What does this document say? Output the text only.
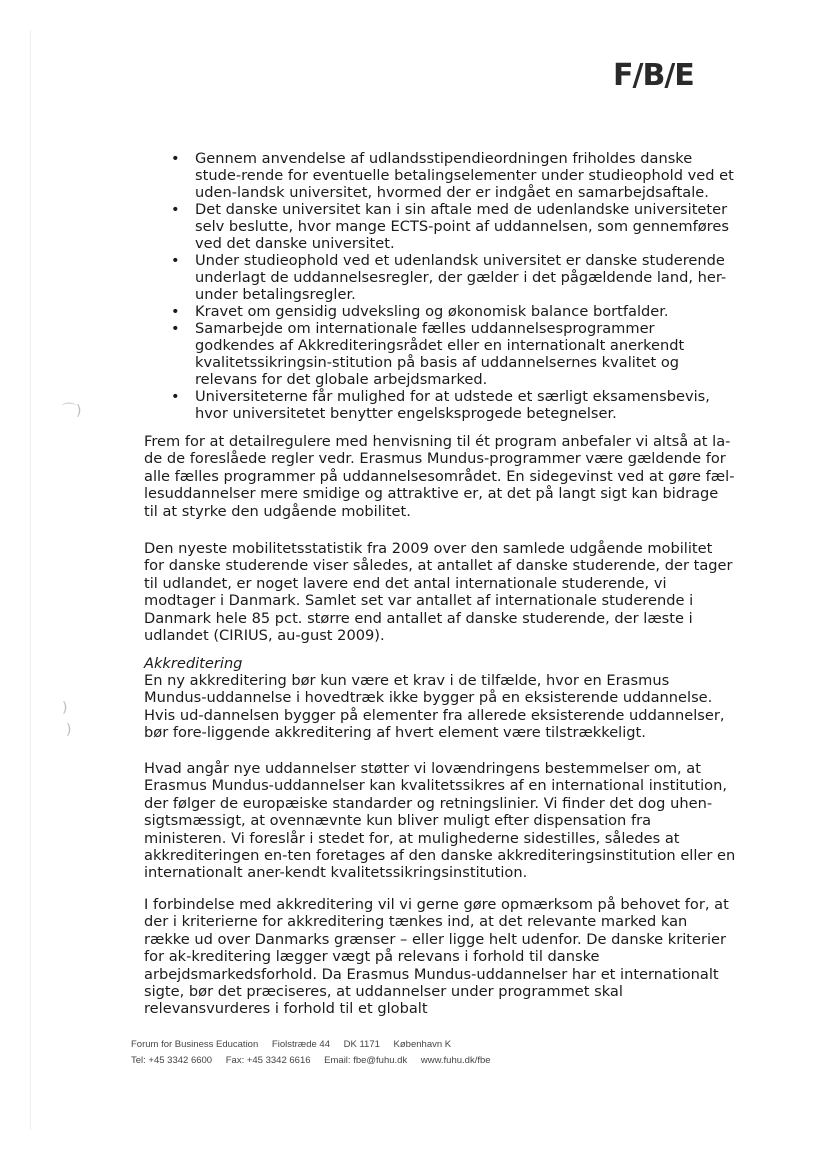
⌒)
)
)
F/B/E
• Gennem anvendelse af udlandsstipendieordningen friholdes danske stude-rende for eventuelle betalingselementer under studieophold ved et uden-landsk universitet, hvormed der er indgået en samarbejdsaftale.
• Det danske universitet kan i sin aftale med de udenlandske universiteter selv beslutte, hvor mange ECTS-point af uddannelsen, som gennemføres ved det danske universitet.
• Under studieophold ved et udenlandsk universitet er danske studerende underlagt de uddannelsesregler, der gælder i det pågældende land, her-under betalingsregler.
• Kravet om gensidig udveksling og økonomisk balance bortfalder.
• Samarbejde om internationale fælles uddannelsesprogrammer godkendes af Akkrediteringsrådet eller en internationalt anerkendt kvalitetssikringsin-stitution på basis af uddannelsernes kvalitet og relevans for det globale arbejdsmarked.
• Universiteterne får mulighed for at udstede et særligt eksamensbevis, hvor universitetet benytter engelsksprogede betegnelser.

Frem for at detailregulere med henvisning til ét program anbefaler vi altså at la-de de foreslåede regler vedr. Erasmus Mundus-programmer være gældende for alle fælles programmer på uddannelsesområdet. En sidegevinst ved at gøre fæl-lesuddannelser mere smidige og attraktive er, at det på langt sigt kan bidrage til at styrke den udgående mobilitet.

Den nyeste mobilitetsstatistik fra 2009 over den samlede udgående mobilitet for danske studerende viser således, at antallet af danske studerende, der tager til udlandet, er noget lavere end det antal internationale studerende, vi modtager i Danmark. Samlet set var antallet af internationale studerende i Danmark hele 85 pct. større end antallet af danske studerende, der læste i udlandet (CIRIUS, au-gust 2009).

Akkreditering

En ny akkreditering bør kun være et krav i de tilfælde, hvor en Erasmus Mundus-uddannelse i hovedtræk ikke bygger på en eksisterende uddannelse. Hvis ud-dannelsen bygger på elementer fra allerede eksisterende uddannelser, bør fore-liggende akkreditering af hvert element være tilstrækkeligt.

Hvad angår nye uddannelser støtter vi lovændringens bestemmelser om, at Erasmus Mundus-uddannelser kan kvalitetssikres af en international institution, der følger de europæiske standarder og retningslinier. Vi finder det dog uhen-sigtsmæssigt, at ovennævnte kun bliver muligt efter dispensation fra ministeren. Vi foreslår i stedet for, at mulighederne sidestilles, således at akkrediteringen en-ten foretages af den danske akkrediteringsinstitution eller en internationalt aner-kendt kvalitetssikringsinstitution.

I forbindelse med akkreditering vil vi gerne gøre opmærksom på behovet for, at der i kriterierne for akkreditering tænkes ind, at det relevante marked kan række ud over Danmarks grænser – eller ligge helt udenfor. De danske kriterier for ak-kreditering lægger vægt på relevans i forhold til danske arbejdsmarkedsforhold. Da Erasmus Mundus-uddannelser har et internationalt sigte, bør det præciseres, at uddannelser under programmet skal relevansvurderes i forhold til et globalt

Forum for Business Education Fiolstræde 44 DK 1171 København K
Tel: +45 3342 6600 Fax: +45 3342 6616 Email: fbe@fuhu.dk www.fuhu.dk/fbe
